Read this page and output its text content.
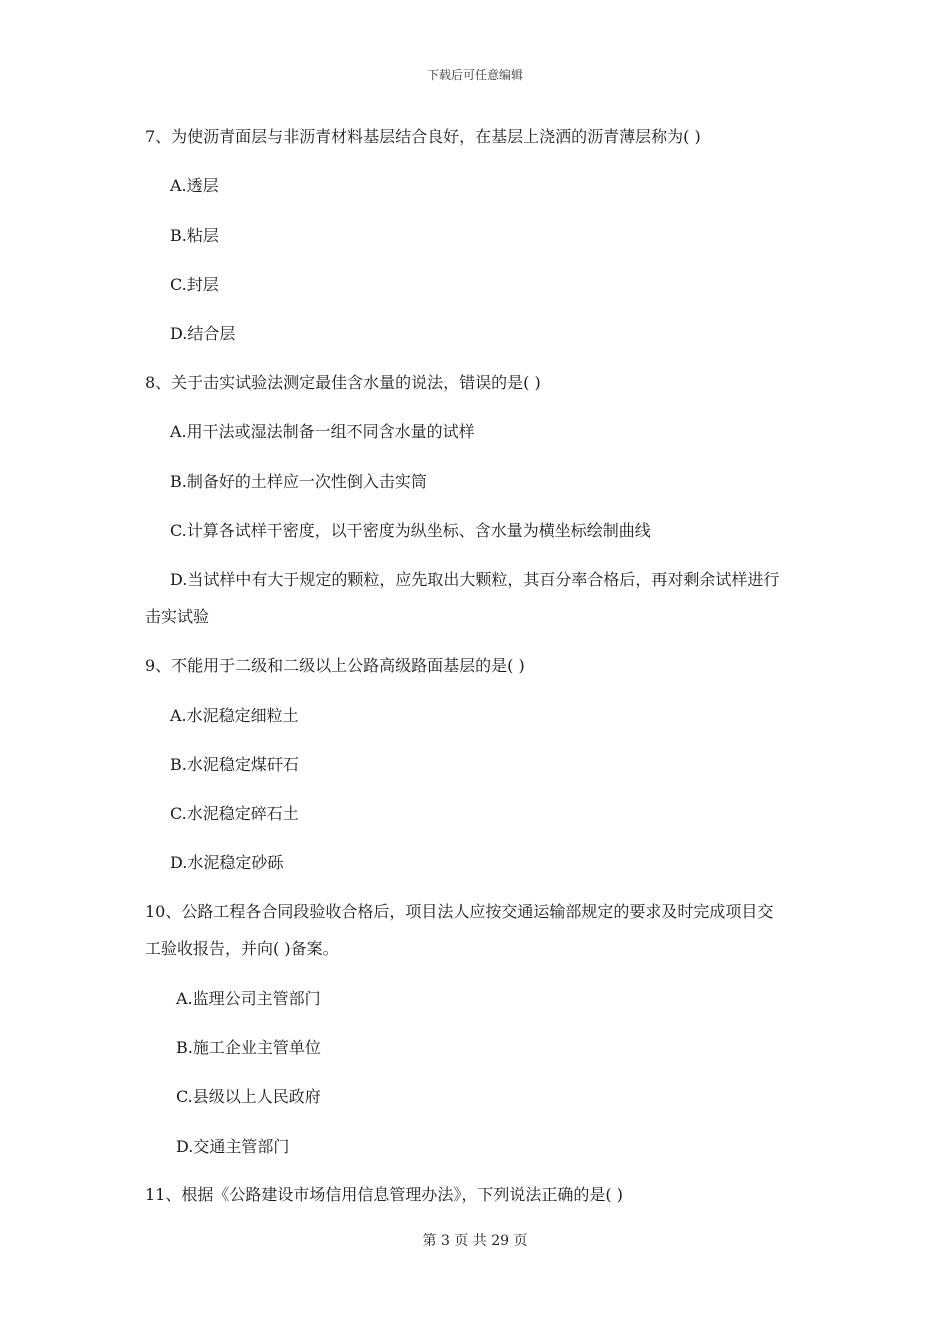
下载后可任意编辑
7、为使沥青面层与非沥青材料基层结合良好，在基层上浇洒的沥青薄层称为( )
A.透层
B.粘层
C.封层
D.结合层
8、关于击实试验法测定最佳含水量的说法，错误的是( )
A.用干法或湿法制备一组不同含水量的试样
B.制备好的土样应一次性倒入击实筒
C.计算各试样干密度，以干密度为纵坐标、含水量为横坐标绘制曲线
D.当试样中有大于规定的颗粒，应先取出大颗粒，其百分率合格后，再对剩余试样进行
击实试验
9、不能用于二级和二级以上公路高级路面基层的是( )
A.水泥稳定细粒土
B.水泥稳定煤矸石
C.水泥稳定碎石土
D.水泥稳定砂砾
10、公路工程各合同段验收合格后，项目法人应按交通运输部规定的要求及时完成项目交
工验收报告，并向( )备案。
A.监理公司主管部门
B.施工企业主管单位
C.县级以上人民政府
D.交通主管部门
11、根据《公路建设市场信用信息管理办法》，下列说法正确的是( )
第 3 页 共 29 页
